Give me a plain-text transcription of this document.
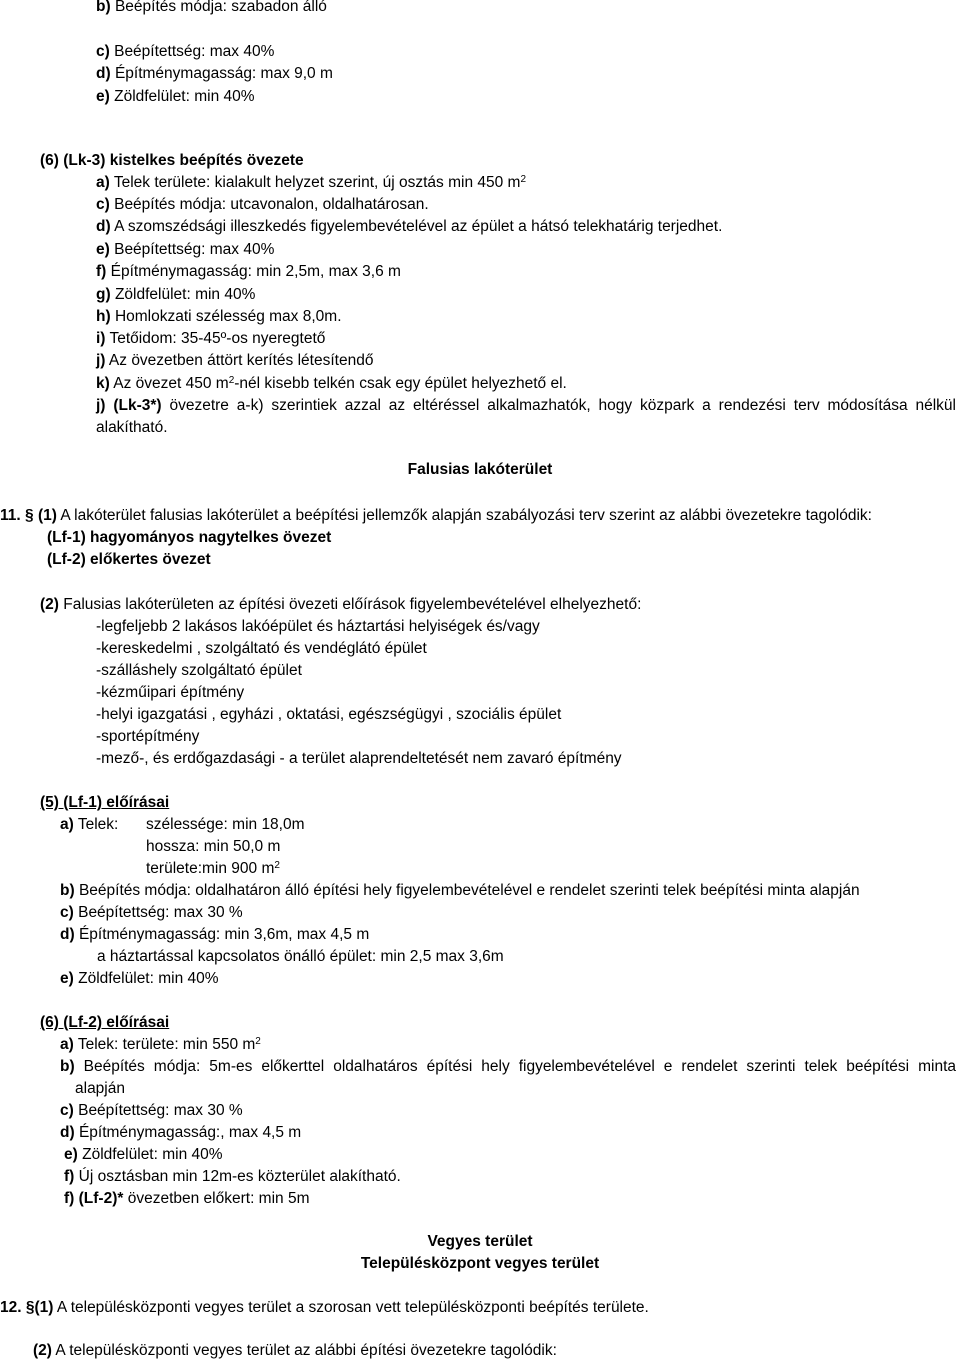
b) Beépítés módja: szabadon álló
c) Beépítettség: max 40%
d) Építménymagasság: max 9,0 m
e) Zöldfelület: min 40%
(6) (Lk-3) kistelkes beépítés övezete
a) Telek területe: kialakult helyzet szerint, új osztás min 450 $m^2$
c) Beépítés módja: utcavonalon, oldalhatárosan.
d) A szomszédsági illeszkedés figyelembevételével az épület a hátsó telekhatárig terjedhet.
e) Beépítettség: max 40%
f) Építménymagasság: min 2,5m, max 3,6 m
g) Zöldfelület: min 40%
h) Homlokzati szélesség max 8,0m.
i) Tetőidom: 35-45º-os nyeregtető
j) Az övezetben áttört kerítés létesítendő
k) Az övezet 450 $m^2$-nél kisebb telkén csak egy épület helyezhető el.
j) (Lk-3*) övezetre a-k) szerintiek azzal az eltéréssel alkalmazhatók, hogy közpark a rendezési terv módosítása nélkül
alakítható.
Falusias lakóterület
11. § (1) A lakóterület falusias lakóterület a beépítési jellemzők alapján szabályozási terv szerint az alábbi övezetekre tagolódik:
(Lf-1) hagyományos nagytelkes övezet
(Lf-2) előkertes övezet
(2) Falusias lakóterületen az építési övezeti előírások figyelembevételével elhelyezhető:
-legfeljebb 2 lakásos lakóépület és háztartási helyiségek és/vagy
-kereskedelmi , szolgáltató és vendéglátó épület
-szálláshely szolgáltató épület
-kézműipari építmény
-helyi igazgatási , egyházi , oktatási, egészségügyi , szociális épület
-sportépítmény
-mező-, és erdőgazdasági - a terület alaprendeltetését nem zavaró építmény
(5) (Lf-1) előírásai
a) Telek: szélessége: min 18,0m
hossza: min 50,0 m
területe:min 900 $m^2$
b) Beépítés módja: oldalhatáron álló építési hely figyelembevételével e rendelet szerinti telek beépítési minta alapján
c) Beépítettség: max 30 %
d) Építménymagasság: min 3,6m, max 4,5 m
a háztartással kapcsolatos önálló épület: min 2,5 max 3,6m
e) Zöldfelület: min 40%
(6) (Lf-2) előírásai
a) Telek: területe: min 550 $m^2$
b) Beépítés módja: 5m-es előkerttel oldalhatáros építési hely figyelembevételével e rendelet szerinti telek beépítési minta
alapján
c) Beépítettség: max 30 %
d) Építménymagasság:, max 4,5 m
e) Zöldfelület: min 40%
f) Új osztásban min 12m-es közterület alakítható.
f) (Lf-2)* övezetben előkert: min 5m
Vegyes terület
Településközpont vegyes terület
12. §(1) A településközponti vegyes terület a szorosan vett településközponti beépítés területe.
(2) A településközponti vegyes terület az alábbi építési övezetekre tagolódik:
